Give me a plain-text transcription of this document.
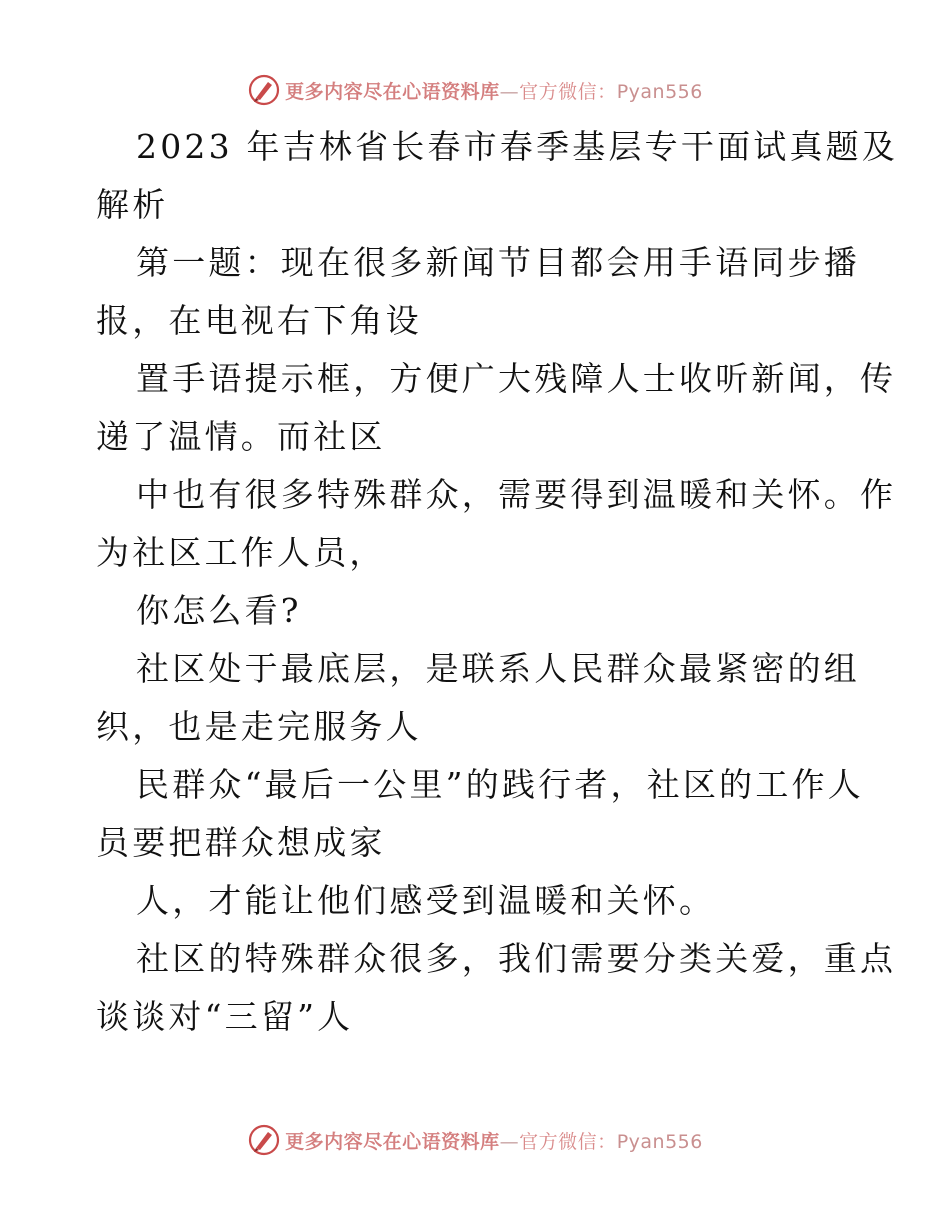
更多内容尽在心语资料库—官方微信：Pyan556
2023 年吉林省长春市春季基层专干面试真题及
解析
第一题：现在很多新闻节目都会用手语同步播
报，在电视右下角设
置手语提示框，方便广大残障人士收听新闻，传
递了温情。而社区
中也有很多特殊群众，需要得到温暖和关怀。作
为社区工作人员，
你怎么看?
社区处于最底层，是联系人民群众最紧密的组
织，也是走完服务人
民群众“最后一公里”的践行者，社区的工作人
员要把群众想成家
人，才能让他们感受到温暖和关怀。
社区的特殊群众很多，我们需要分类关爱，重点
谈谈对“三留”人
更多内容尽在心语资料库—官方微信：Pyan556
